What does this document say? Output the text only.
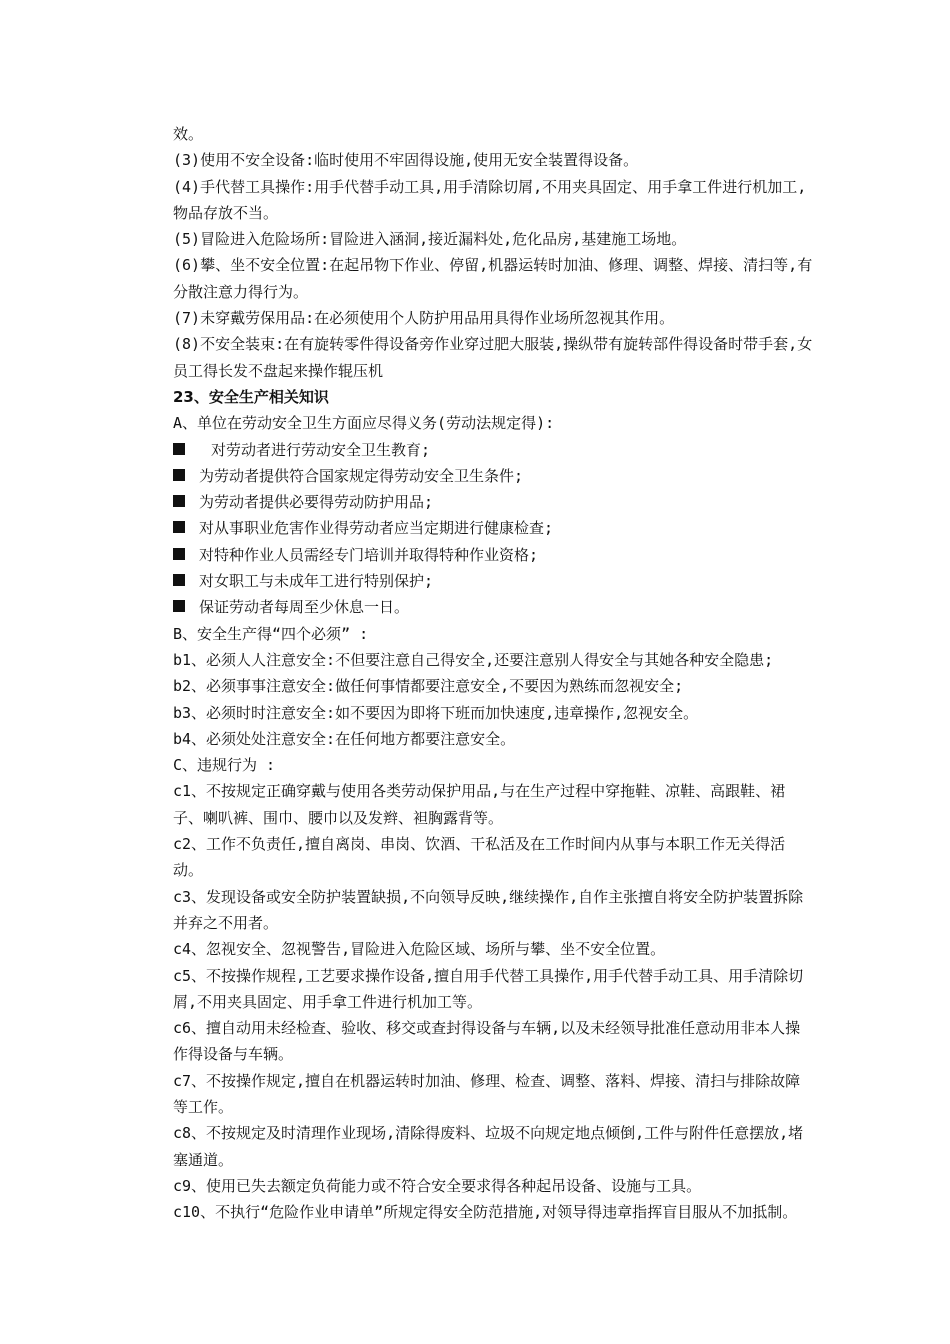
效。

(3)使用不安全设备:临时使用不牢固得设施,使用无安全装置得设备。

(4)手代替工具操作:用手代替手动工具,用手清除切屑,不用夹具固定、用手拿工件进行机加工, 物品存放不当。

(5)冒险进入危险场所:冒险进入涵洞,接近漏料处,危化品房,基建施工场地。

(6)攀、坐不安全位置:在起吊物下作业、停留,机器运转时加油、修理、调整、焊接、清扫等,有分散注意力得行为。

(7)未穿戴劳保用品:在必须使用个人防护用品用具得作业场所忽视其作用。

(8)不安全装束:在有旋转零件得设备旁作业穿过肥大服装,操纵带有旋转部件得设备时带手套,女员工得长发不盘起来操作辊压机

23、安全生产相关知识

A、单位在劳动安全卫生方面应尽得义务(劳动法规定得):

对劳动者进行劳动安全卫生教育;
为劳动者提供符合国家规定得劳动安全卫生条件;
为劳动者提供必要得劳动防护用品;
对从事职业危害作业得劳动者应当定期进行健康检查;
对特种作业人员需经专门培训并取得特种作业资格;
对女职工与未成年工进行特别保护;
保证劳动者每周至少休息一日。

B、安全生产得“四个必须” :

b1、必须人人注意安全:不但要注意自己得安全,还要注意别人得安全与其她各种安全隐患;

b2、必须事事注意安全:做任何事情都要注意安全,不要因为熟练而忽视安全;

b3、必须时时注意安全:如不要因为即将下班而加快速度,违章操作,忽视安全。

b4、必须处处注意安全:在任何地方都要注意安全。

C、违规行为 :

c1、不按规定正确穿戴与使用各类劳动保护用品,与在生产过程中穿拖鞋、凉鞋、高跟鞋、裙子、喇叭裤、围巾、腰巾以及发辫、袒胸露背等。

c2、工作不负责任,擅自离岗、串岗、饮酒、干私活及在工作时间内从事与本职工作无关得活动。

c3、发现设备或安全防护装置缺损,不向领导反映,继续操作,自作主张擅自将安全防护装置拆除并弃之不用者。

c4、忽视安全、忽视警告,冒险进入危险区域、场所与攀、坐不安全位置。

c5、不按操作规程,工艺要求操作设备,擅自用手代替工具操作,用手代替手动工具、用手清除切屑,不用夹具固定、用手拿工件进行机加工等。

c6、擅自动用未经检查、验收、移交或查封得设备与车辆,以及未经领导批准任意动用非本人操作得设备与车辆。

c7、不按操作规定,擅自在机器运转时加油、修理、检查、调整、落料、焊接、清扫与排除故障等工作。

c8、不按规定及时清理作业现场,清除得废料、垃圾不向规定地点倾倒,工件与附件任意摆放,堵塞通道。

c9、使用已失去额定负荷能力或不符合安全要求得各种起吊设备、设施与工具。

c10、不执行“危险作业申请单”所规定得安全防范措施,对领导得违章指挥盲目服从不加抵制。
